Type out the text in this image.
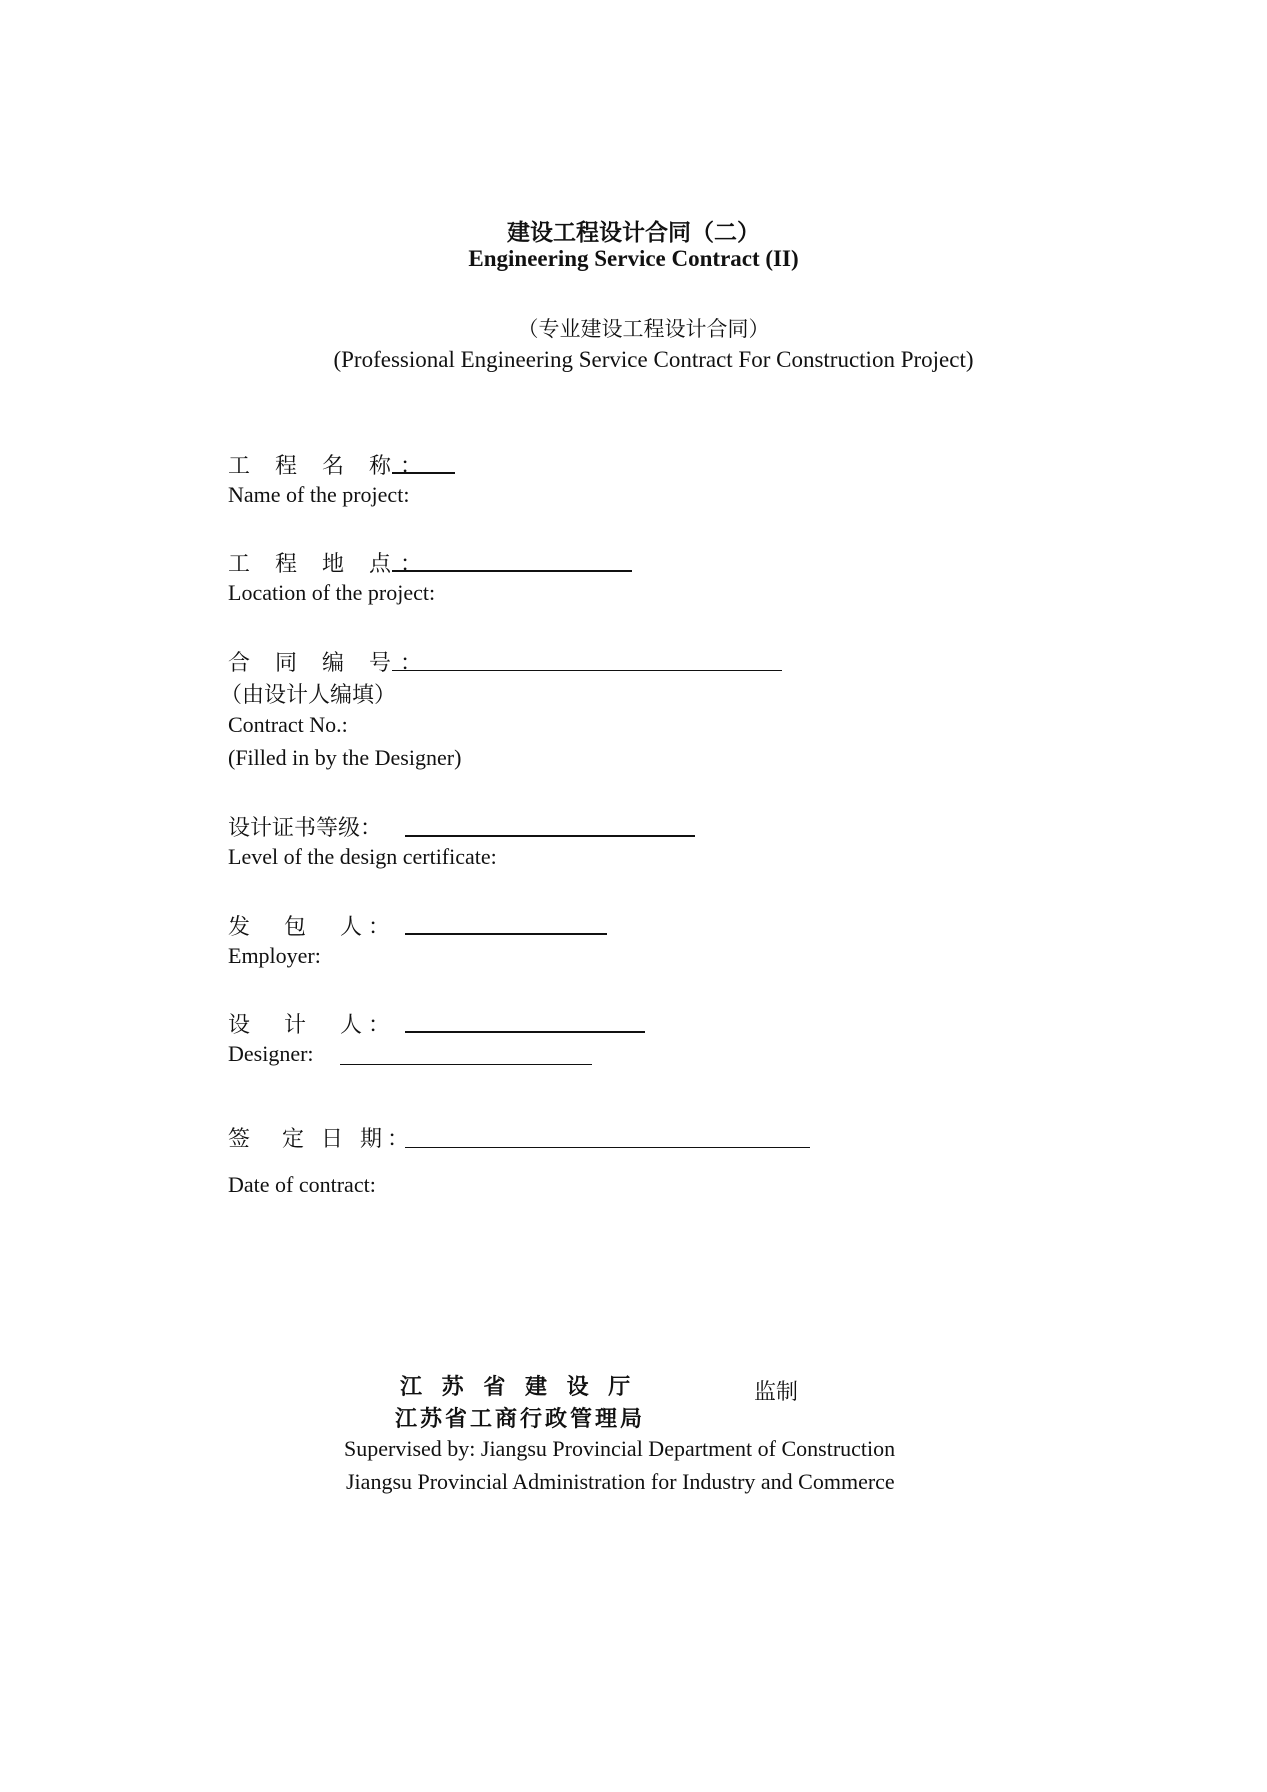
建设工程设计合同（二）
Engineering Service Contract (II)
（专业建设工程设计合同）
(Professional Engineering Service Contract For Construction Project)
工 程 名 称：
Name of the project:
工 程 地 点：
Location of the project:
合 同 编 号：
（由设计人编填）
Contract No.:
(Filled in by the Designer)
设计证书等级：
Level of the design certificate:
发　包　人：
Employer:
设　计　人：
Designer:
签　定 日 期：
Date of contract:
江 苏 省 建 设 厅	监制
江苏省工商行政管理局
Supervised by: Jiangsu Provincial Department of Construction
Jiangsu Provincial Administration for Industry and Commerce
